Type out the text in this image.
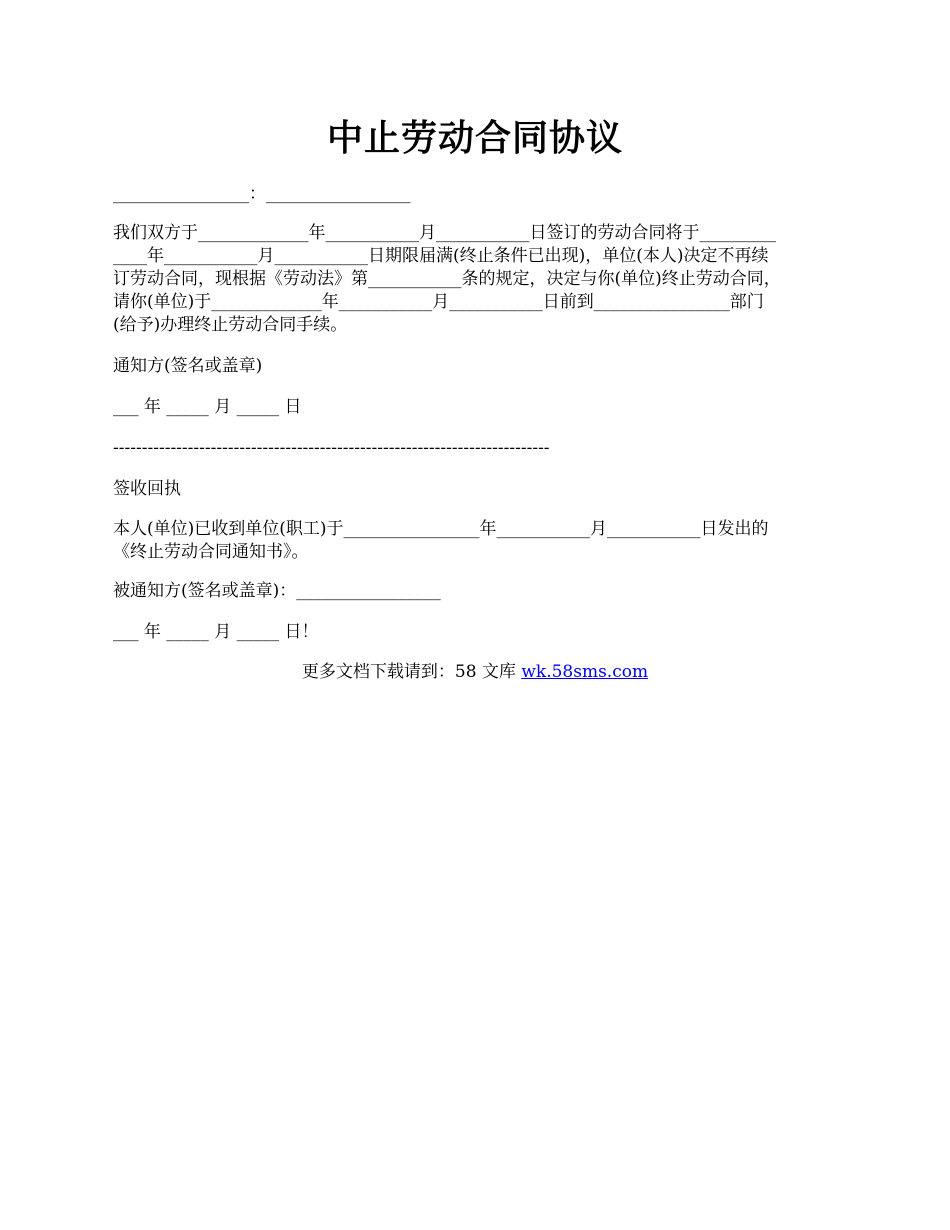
中止劳动合同协议
________________：_________________
我们双方于_____________年___________月___________日签订的劳动合同将于_________
____年___________月___________日期限届满(终止条件已出现)，单位(本人)决定不再续
订劳动合同，现根据《劳动法》第___________条的规定，决定与你(单位)终止劳动合同，
请你(单位)于_____________年___________月___________日前到________________部门
(给予)办理终止劳动合同手续。
通知方(签名或盖章)
___ 年 _____ 月 _____ 日
----------------------------------------------------------------------------
签收回执
本人(单位)已收到单位(职工)于________________年___________月___________日发出的
《终止劳动合同通知书》。
被通知方(签名或盖章)：_________________
___ 年 _____ 月 _____ 日！
更多文档下载请到：58 文库 wk.58sms.com
